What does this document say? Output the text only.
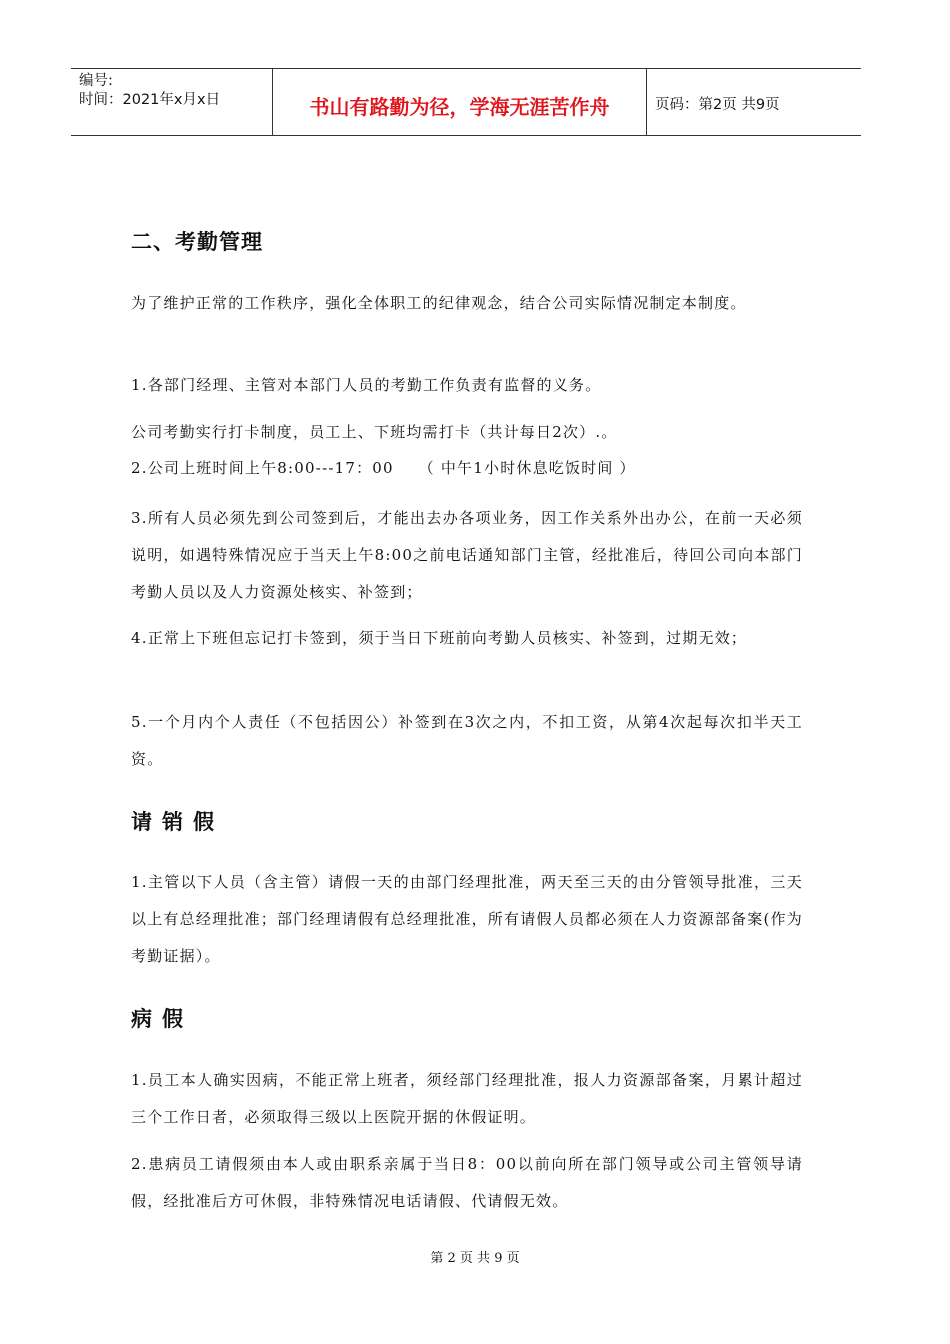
编号:
时间：2021年x月x日	书山有路勤为径，学海无涯苦作舟	页码：第2页 共9页
二、考勤管理
为了维护正常的工作秩序，强化全体职工的纪律观念，结合公司实际情况制定本制度。
1.各部门经理、主管对本部门人员的考勤工作负责有监督的义务。
公司考勤实行打卡制度，员工上、下班均需打卡（共计每日2次）.。
2.公司上班时间上午8:00---17：00　　（ 中午1小时休息吃饭时间 ）
3.所有人员必须先到公司签到后，才能出去办各项业务，因工作关系外出办公，在前一天必须说明，如遇特殊情况应于当天上午8:00之前电话通知部门主管，经批准后，待回公司向本部门考勤人员以及人力资源处核实、补签到；
4.正常上下班但忘记打卡签到，须于当日下班前向考勤人员核实、补签到，过期无效；
5.一个月内个人责任（不包括因公）补签到在3次之内，不扣工资，从第4次起每次扣半天工资。
请销假
1.主管以下人员（含主管）请假一天的由部门经理批准，两天至三天的由分管领导批准，三天以上有总经理批准；部门经理请假有总经理批准，所有请假人员都必须在人力资源部备案(作为考勤证据）。
病假
1.员工本人确实因病，不能正常上班者，须经部门经理批准，报人力资源部备案，月累计超过三个工作日者，必须取得三级以上医院开据的休假证明。
2.患病员工请假须由本人或由职系亲属于当日8：00以前向所在部门领导或公司主管领导请假，经批准后方可休假，非特殊情况电话请假、代请假无效。
第 2 页 共 9 页
